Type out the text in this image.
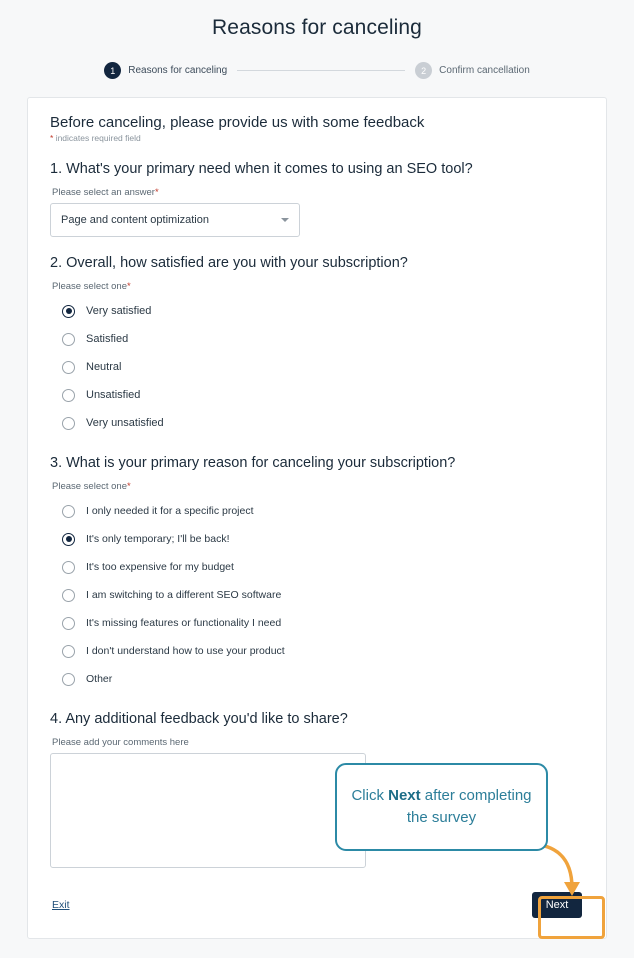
Reasons for canceling
1	Reasons for canceling	2	Confirm cancellation
Before canceling, please provide us with some feedback
* indicates required field
1. What's your primary need when it comes to using an SEO tool?
Please select an answer*
Page and content optimization
2. Overall, how satisfied are you with your subscription?
Please select one*
Very satisfied
Satisfied
Neutral
Unsatisfied
Very unsatisfied
3. What is your primary reason for canceling your subscription?
Please select one*
I only needed it for a specific project
It's only temporary; I'll be back!
It's too expensive for my budget
I am switching to a different SEO software
It's missing features or functionality I need
I don't understand how to use your product
Other
4. Any additional feedback you'd like to share?
Please add your comments here
Exit	Next
Click Next after completing the survey
